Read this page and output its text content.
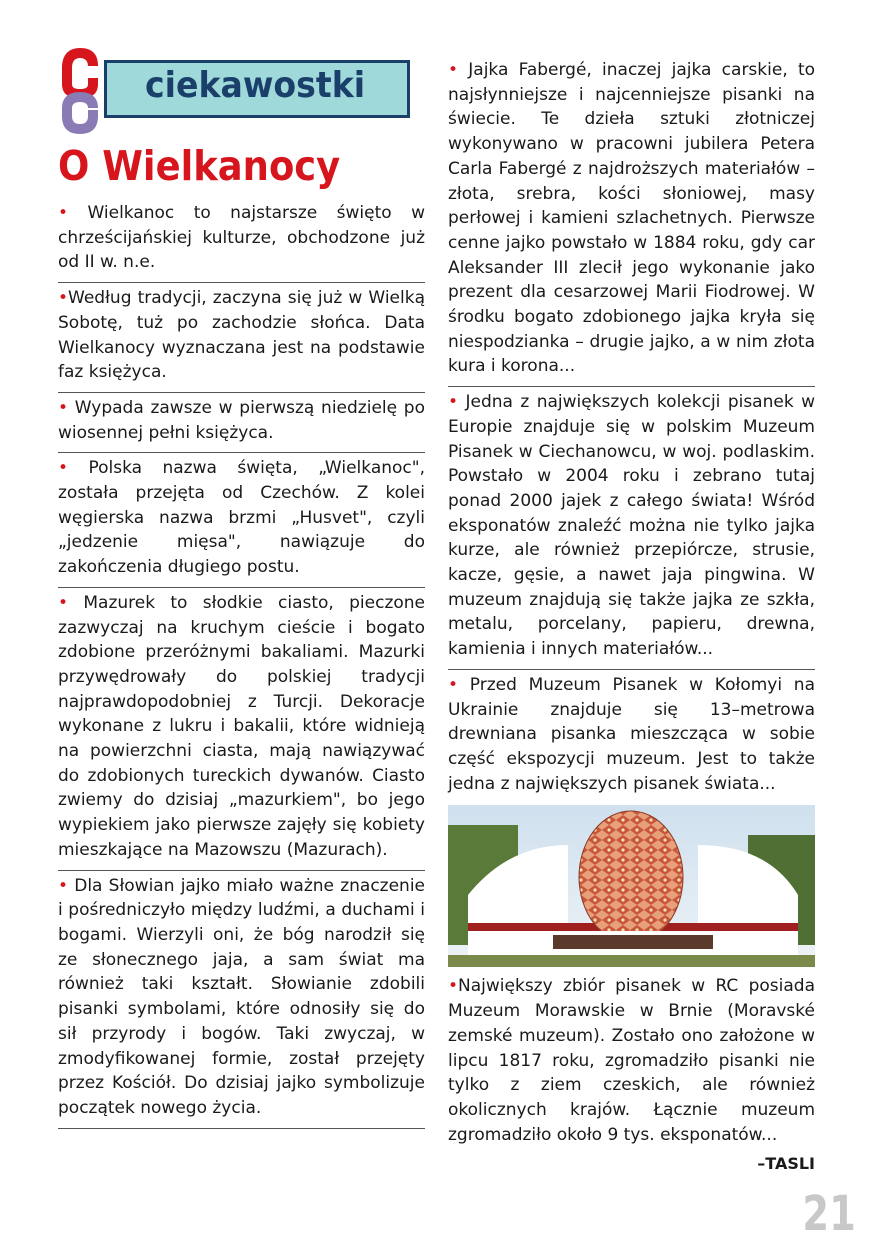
ciekawostki
O Wielkanocy
• Wielkanoc to najstarsze święto w chrześcijańskiej kulturze, obchodzone już od II w. n.e.
•Według tradycji, zaczyna się już w Wielką Sobotę, tuż po zachodzie słońca. Data Wielkanocy wyznaczana jest na podstawie faz księżyca.
• Wypada zawsze w pierwszą niedzielę po wiosennej pełni księżyca.
• Polska nazwa święta, „Wielkanoc", została przejęta od Czechów. Z kolei węgierska nazwa brzmi „Husvet", czyli „jedzenie mięsa", nawiązuje do zakończenia długiego postu.
• Mazurek to słodkie ciasto, pieczone zazwyczaj na kruchym cieście i bogato zdobione przeróżnymi bakaliami. Mazurki przywędrowały do polskiej tradycji najprawdopodobniej z Turcji. Dekoracje wykonane z lukru i bakalii, które widnieją na powierzchni ciasta, mają nawiązywać do zdobionych tureckich dywanów. Ciasto zwiemy do dzisiaj „mazurkiem", bo jego wypiekiem jako pierwsze zajęły się kobiety mieszkające na Mazowszu (Mazurach).
• Dla Słowian jajko miało ważne znaczenie i pośredniczyło między ludźmi, a duchami i bogami. Wierzyli oni, że bóg narodził się ze słonecznego jaja, a sam świat ma również taki kształt. Słowianie zdobili pisanki symbolami, które odnosiły się do sił przyrody i bogów. Taki zwyczaj, w zmodyfikowanej formie, został przejęty przez Kościół. Do dzisiaj jajko symbolizuje początek nowego życia.
• Jajka Fabergé, inaczej jajka carskie, to najsłynniejsze i najcenniejsze pisanki na świecie. Te dzieła sztuki złotniczej wykonywano w pracowni jubilera Petera Carla Fabergé z najdroższych materiałów – złota, srebra, kości słoniowej, masy perłowej i kamieni szlachetnych. Pierwsze cenne jajko powstało w 1884 roku, gdy car Aleksander III zlecił jego wykonanie jako prezent dla cesarzowej Marii Fiodrowej. W środku bogato zdobionego jajka kryła się niespodzianka – drugie jajko, a w nim złota kura i korona...
• Jedna z największych kolekcji pisanek w Europie znajduje się w polskim Muzeum Pisanek w Ciechanowcu, w woj. podlaskim. Powstało w 2004 roku i zebrano tutaj ponad 2000 jajek z całego świata! Wśród eksponatów znaleźć można nie tylko jajka kurze, ale również przepiórcze, strusie, kacze, gęsie, a nawet jaja pingwina. W muzeum znajdują się także jajka ze szkła, metalu, porcelany, papieru, drewna, kamienia i innych materiałów...
• Przed Muzeum Pisanek w Kołomyi na Ukrainie znajduje się 13–metrowa drewniana pisanka mieszcząca w sobie część ekspozycji muzeum. Jest to także jedna z największych pisanek świata...
•Największy zbiór pisanek w RC posiada Muzeum Morawskie w Brnie (Moravské zemské muzeum). Zostało ono założone w lipcu 1817 roku, zgromadziło pisanki nie tylko z ziem czeskich, ale również okolicznych krajów. Łącznie muzeum zgromadziło około 9 tys. eksponatów...
–TASLI
21
